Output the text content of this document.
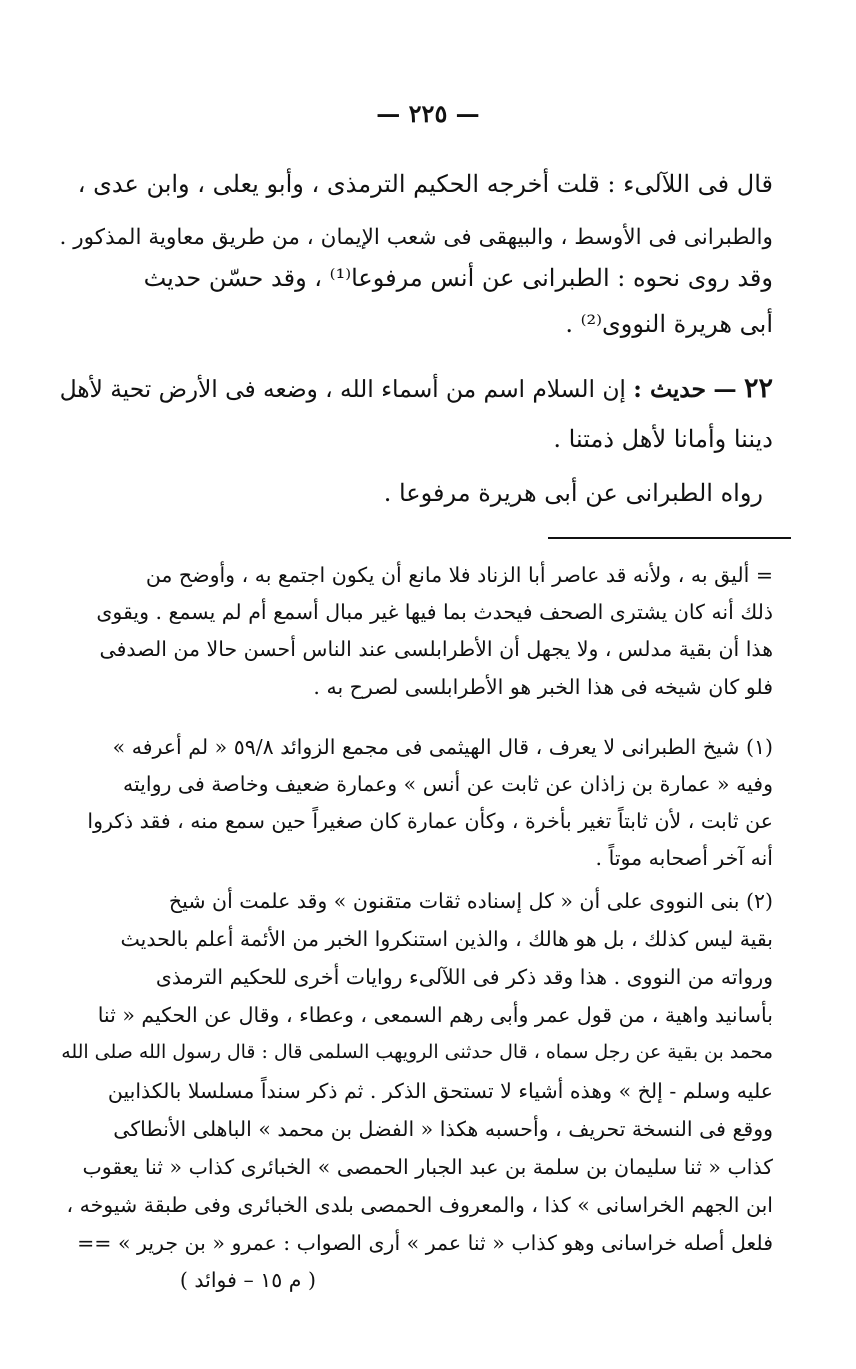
— ٢٢٥ —
قال فى اللآلىء : قلت أخرجه الحكيم الترمذى ، وأبو يعلى ، وابن عدى ،
والطبرانى فى الأوسط ، والبيهقى فى شعب الإيمان ، من طريق معاوية المذكور .
وقد روى نحوه : الطبرانى عن أنس مرفوعا⁽¹⁾ ، وقد حسّن حديث
أبى هريرة النووى⁽²⁾ .
٢٢ — حديث : إن السلام اسم من أسماء الله ، وضعه فى الأرض تحية لأهل
ديننا وأمانا لأهل ذمتنا .
رواه الطبرانى عن أبى هريرة مرفوعا .
= أليق به ، ولأنه قد عاصر أبا الزناد فلا مانع أن يكون اجتمع به ، وأوضح من
ذلك أنه كان يشترى الصحف فيحدث بما فيها غير مبال أسمع أم لم يسمع . ويقوى
هذا أن بقية مدلس ، ولا يجهل أن الأطرابلسى عند الناس أحسن حالا من الصدفى
فلو كان شيخه فى هذا الخبر هو الأطرابلسى لصرح به .
(١) شيخ الطبرانى لا يعرف ، قال الهيثمى فى مجمع الزوائد ٥٩/٨ « لم أعرفه »
وفيه « عمارة بن زاذان عن ثابت عن أنس » وعمارة ضعيف وخاصة فى روايته
عن ثابت ، لأن ثابتاً تغير بأخرة ، وكأن عمارة كان صغيراً حين سمع منه ، فقد ذكروا
أنه آخر أصحابه موتاً .
(٢) بنى النووى على أن « كل إسناده ثقات متقنون » وقد علمت أن شيخ
بقية ليس كذلك ، بل هو هالك ، والذين استنكروا الخبر من الأئمة أعلم بالحديث
ورواته من النووى . هذا وقد ذكر فى اللآلىء روايات أخرى للحكيم الترمذى
بأسانيد واهية ، من قول عمر وأبى رهم السمعى ، وعطاء ، وقال عن الحكيم « ثنا
محمد بن بقية عن رجل سماه ، قال حدثنى الرويهب السلمى قال : قال رسول الله صلى الله
عليه وسلم - إلخ » وهذه أشياء لا تستحق الذكر . ثم ذكر سنداً مسلسلا بالكذابين
ووقع فى النسخة تحريف ، وأحسبه هكذا « الفضل بن محمد » الباهلى الأنطاكى
كذاب « ثنا سليمان بن سلمة بن عبد الجبار الحمصى » الخبائرى كذاب « ثنا يعقوب
ابن الجهم الخراسانى » كذا ، والمعروف الحمصى بلدى الخبائرى وفى طبقة شيوخه ،
فلعل أصله خراسانى وهو كذاب « ثنا عمر » أرى الصواب : عمرو « بن جرير » ==
( م ١٥ – فوائد )
